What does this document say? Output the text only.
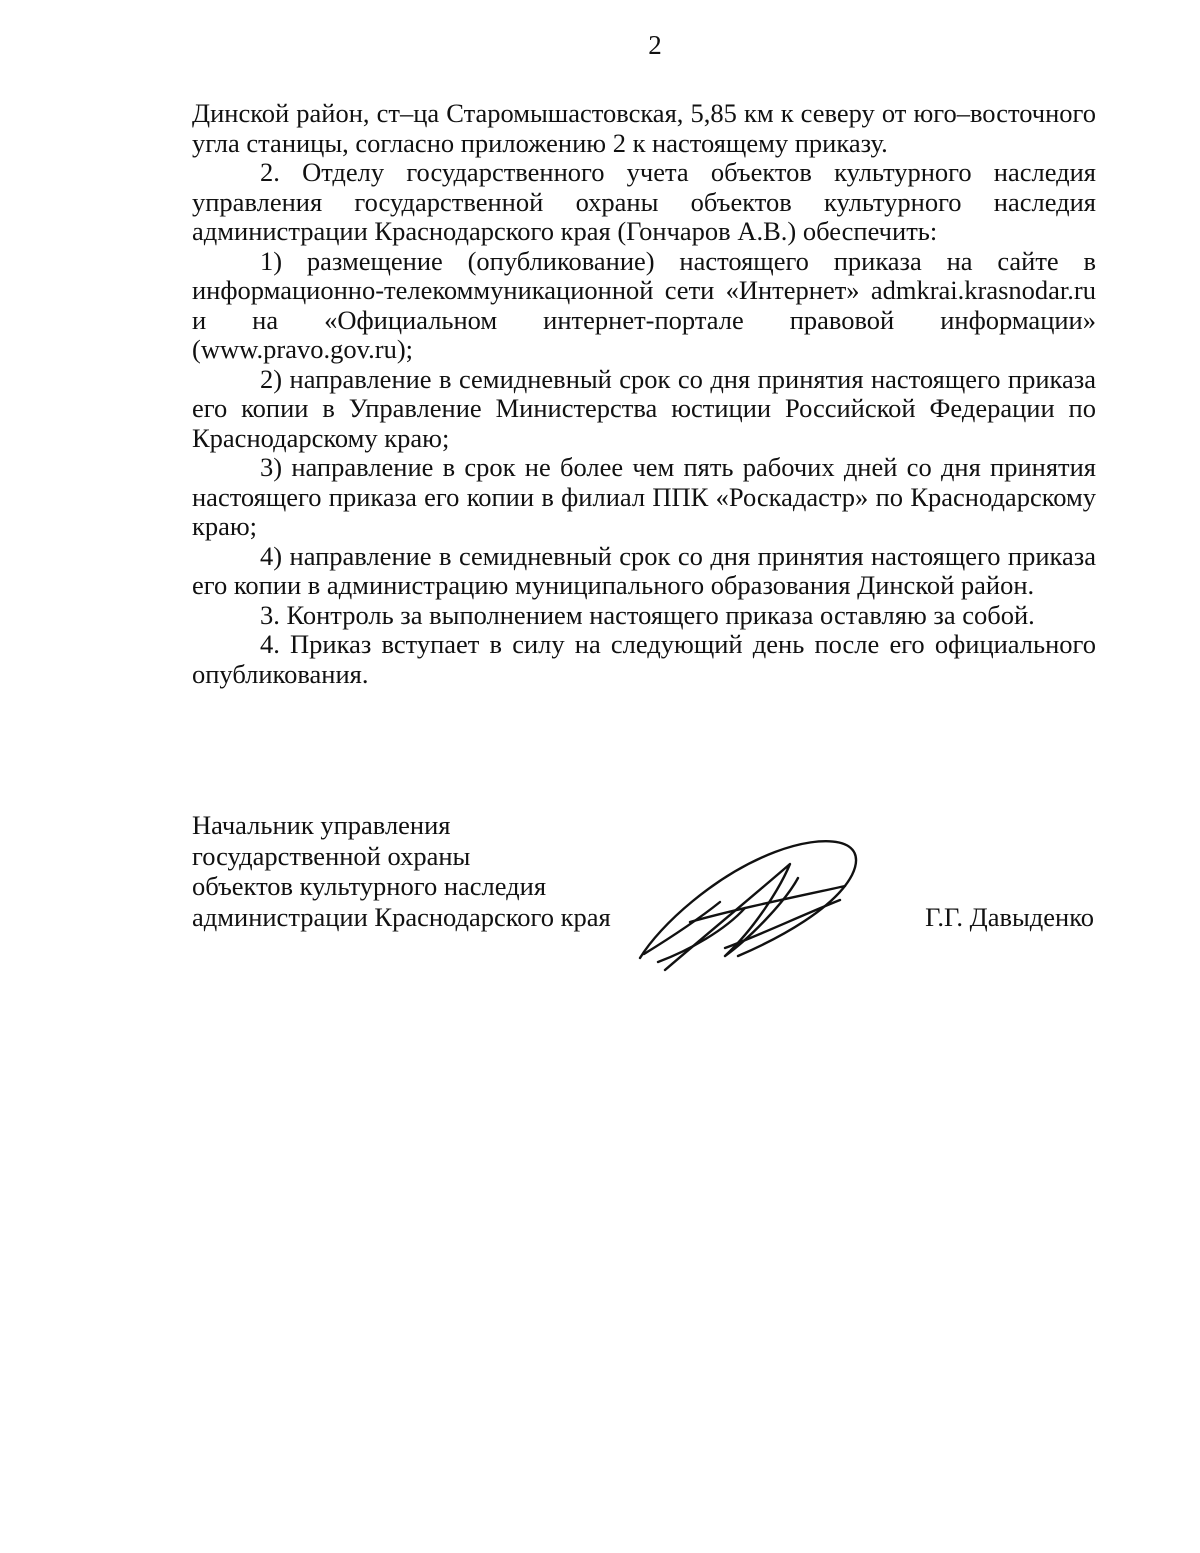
2

Динской район, ст–ца Старомышастовская, 5,85 км к северу от юго–восточного угла станицы, согласно приложению 2 к настоящему приказу.

2. Отделу государственного учета объектов культурного наследия управления государственной охраны объектов культурного наследия администрации Краснодарского края (Гончаров А.В.) обеспечить:

1) размещение (опубликование) настоящего приказа на сайте в информационно-телекоммуникационной сети «Интернет» admkrai.krasnodar.ru и на «Официальном интернет-портале правовой информации» (www.pravo.gov.ru);

2) направление в семидневный срок со дня принятия настоящего приказа его копии в Управление Министерства юстиции Российской Федерации по Краснодарскому краю;

3) направление в срок не более чем пять рабочих дней со дня принятия настоящего приказа его копии в филиал ППК «Роскадастр» по Краснодарскому краю;

4) направление в семидневный срок со дня принятия настоящего приказа его копии в администрацию муниципального образования Динской район.

3. Контроль за выполнением настоящего приказа оставляю за собой.

4. Приказ вступает в силу на следующий день после его официального опубликования.

Начальник управления
государственной охраны
объектов культурного наследия
администрации Краснодарского края	Г.Г. Давыденко
